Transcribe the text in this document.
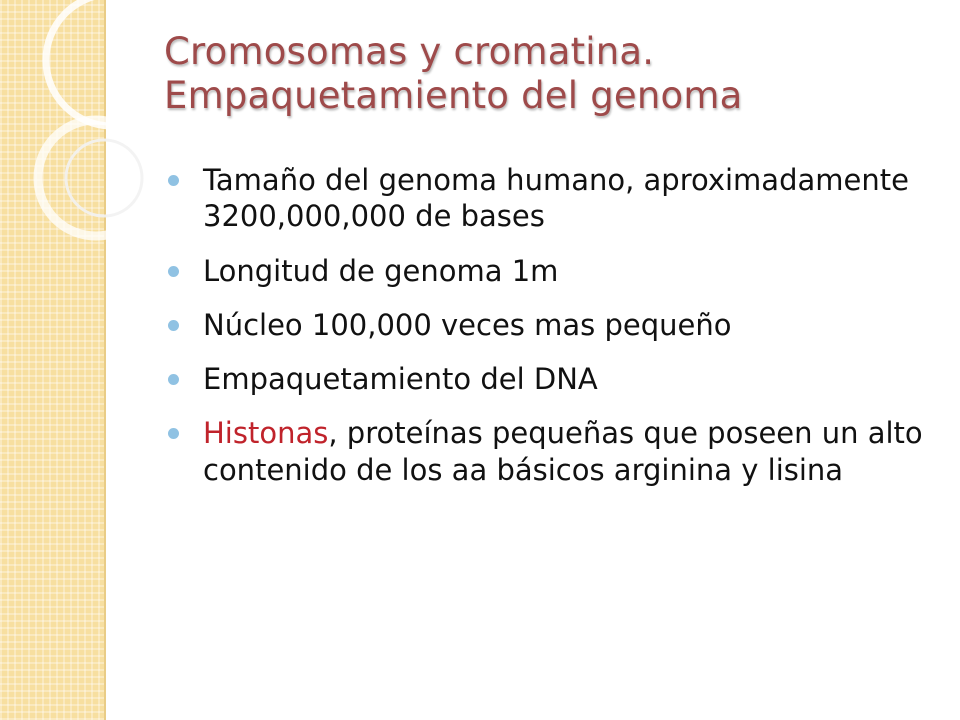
Cromosomas y cromatina.
Empaquetamiento del genoma
Tamaño del genoma humano, aproximadamente 3200,000,000 de bases
Longitud de genoma 1m
Núcleo 100,000 veces mas pequeño
Empaquetamiento del DNA
Histonas, proteínas pequeñas que poseen un alto contenido de los aa básicos arginina y lisina
